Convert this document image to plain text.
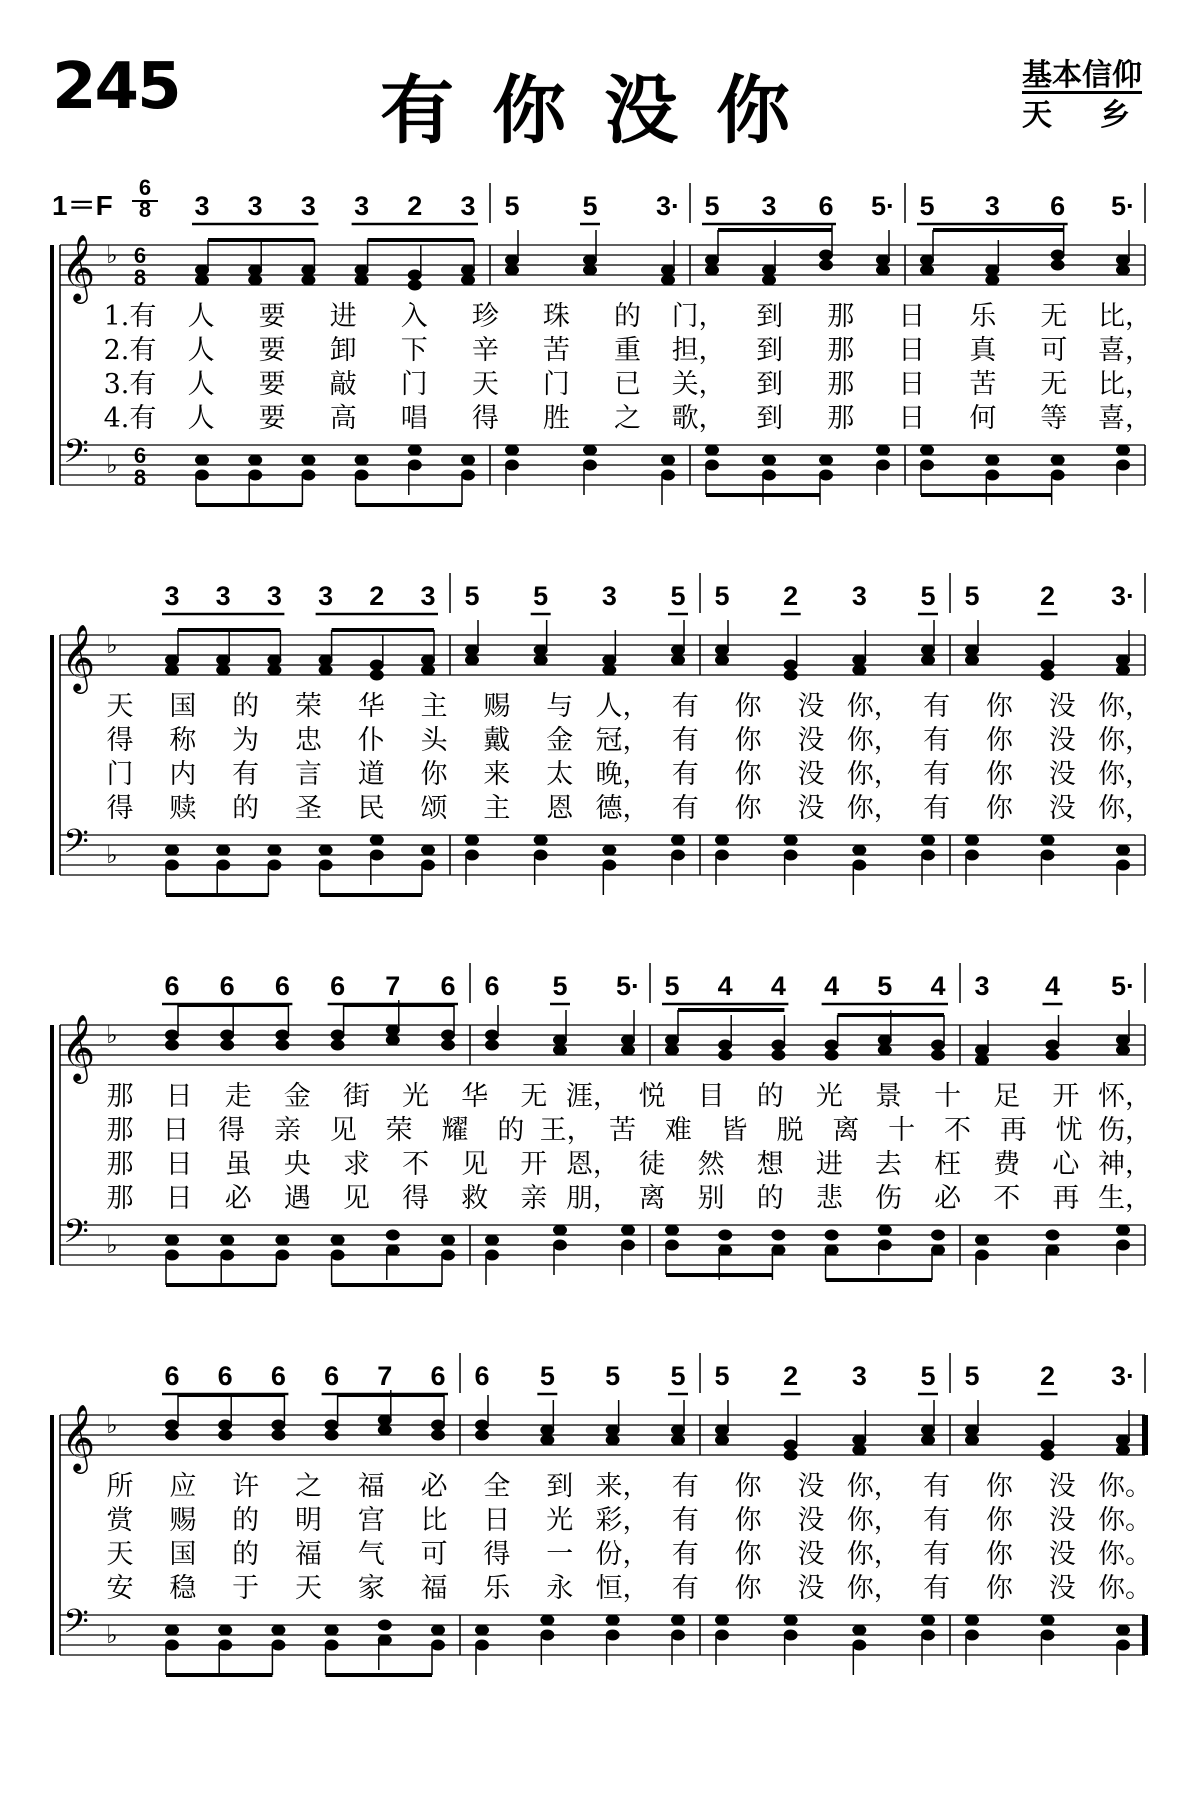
245	有你没你	基本信仰
天乡
1＝F
6
8 3 3 3 3 2 3 5 5 3· 5 3 6 5· 5 3 6 5·
𝄞
𝄢
♭
♭
6
8
6
8
1.有 人 要 进 入 珍 珠 的 门， 到 那 日 乐 无 比，
2.有 人 要 卸 下 辛 苦 重 担， 到 那 日 真 可 喜，
3.有 人 要 敲 门 天 门 已 关， 到 那 日 苦 无 比，
4.有 人 要 高 唱 得 胜 之 歌， 到 那 日 何 等 喜，
3 3 3 3 2 3 5 5 3 5 5 2 3 5 5 2 3·
𝄞
𝄢
♭
♭
天 国 的 荣 华 主 赐 与 人， 有 你 没 你， 有 你 没 你，
得 称 为 忠 仆 头 戴 金 冠， 有 你 没 你， 有 你 没 你，
门 内 有 言 道 你 来 太 晚， 有 你 没 你， 有 你 没 你，
得 赎 的 圣 民 颂 主 恩 德， 有 你 没 你， 有 你 没 你，
6 6 6 6 7 6 6 5 5· 5 4 4 4 5 4 3 4 5·
𝄞
𝄢
♭
♭
那 日 走 金 街 光 华 无 涯， 悦 目 的 光 景 十 足 开 怀，
那 日 得 亲 见 荣 耀 的 王， 苦 难 皆 脱 离 十 不 再 忧 伤，
那 日 虽 央 求 不 见 开 恩， 徒 然 想 进 去 枉 费 心 神，
那 日 必 遇 见 得 救 亲 朋， 离 别 的 悲 伤 必 不 再 生，
6 6 6 6 7 6 6 5 5 5 5 2 3 5 5 2 3·
𝄞
𝄢
♭
♭
所 应 许 之 福 必 全 到 来， 有 你 没 你， 有 你 没 你。
赏 赐 的 明 宫 比 日 光 彩， 有 你 没 你， 有 你 没 你。
天 国 的 福 气 可 得 一 份， 有 你 没 你， 有 你 没 你。
安 稳 于 天 家 福 乐 永 恒， 有 你 没 你， 有 你 没 你。
